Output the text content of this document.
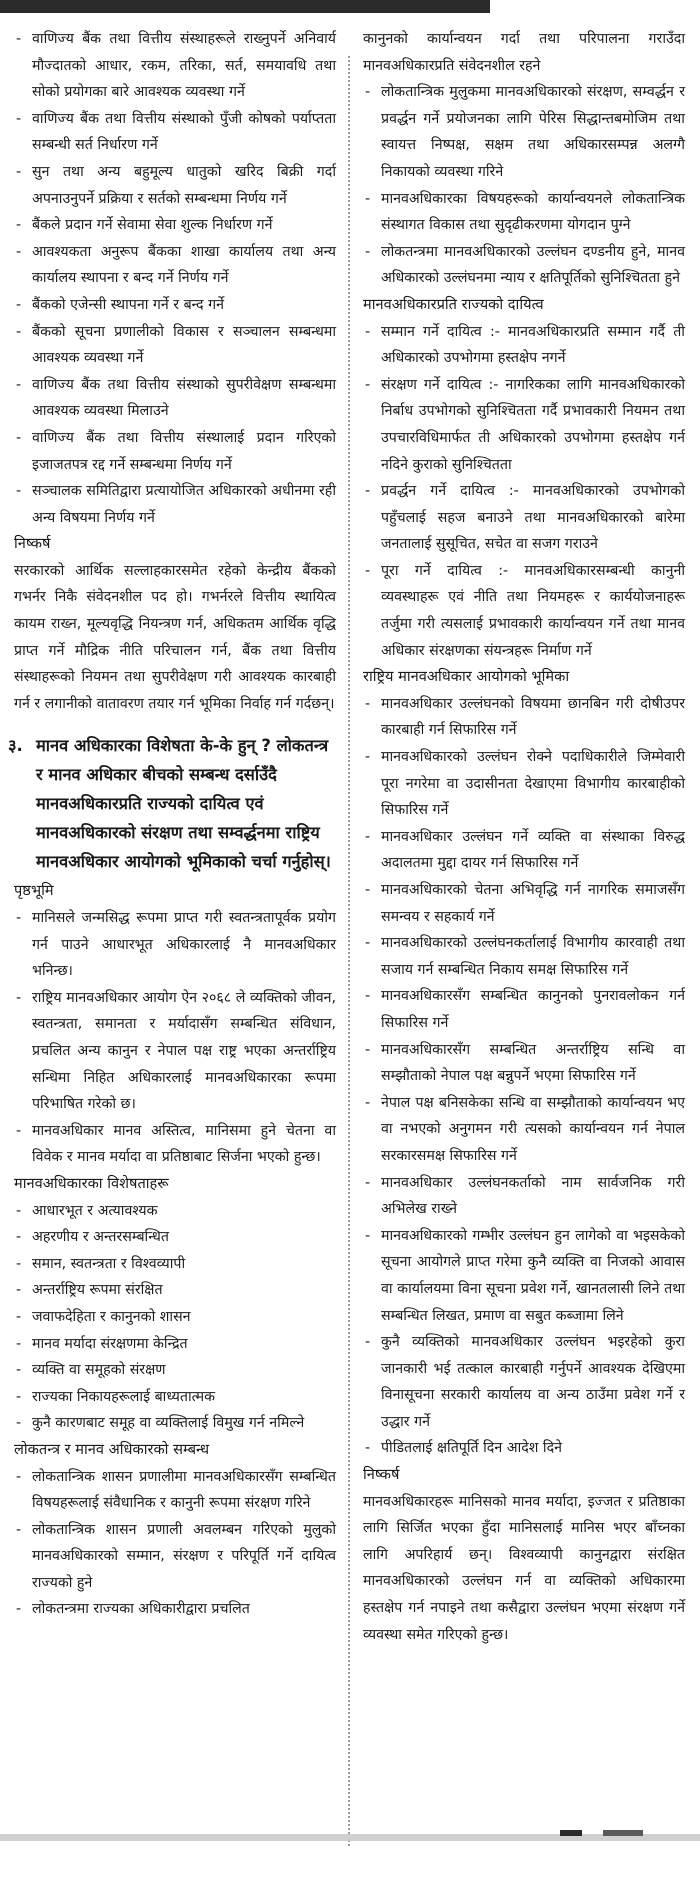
- वाणिज्य बैंक तथा वित्तीय संस्थाहरूले राख्नुपर्ने अनिवार्य मौज्दातको आधार, रकम, तरिका, सर्त, समयावधि तथा सोको प्रयोगका बारे आवश्यक व्यवस्था गर्ने
- वाणिज्य बैंक तथा वित्तीय संस्थाको पुँजी कोषको पर्याप्तता सम्बन्धी सर्त निर्धारण गर्ने
- सुन तथा अन्य बहुमूल्य धातुको खरिद बिक्री गर्दा अपनाउनुपर्ने प्रक्रिया र सर्तको सम्बन्धमा निर्णय गर्ने
- बैंकले प्रदान गर्ने सेवामा सेवा शुल्क निर्धारण गर्ने
- आवश्यकता अनुरूप बैंकका शाखा कार्यालय तथा अन्य कार्यालय स्थापना र बन्द गर्ने निर्णय गर्ने
- बैंकको एजेन्सी स्थापना गर्ने र बन्द गर्ने
- बैंकको सूचना प्रणालीको विकास र सञ्चालन सम्बन्धमा आवश्यक व्यवस्था गर्ने
- वाणिज्य बैंक तथा वित्तीय संस्थाको सुपरीवेक्षण सम्बन्धमा आवश्यक व्यवस्था मिलाउने
- वाणिज्य बैंक तथा वित्तीय संस्थालाई प्रदान गरिएको इजाजतपत्र रद्द गर्ने सम्बन्धमा निर्णय गर्ने
- सञ्चालक समितिद्वारा प्रत्यायोजित अधिकारको अधीनमा रही अन्य विषयमा निर्णय गर्ने
निष्कर्ष
सरकारको आर्थिक सल्लाहकारसमेत रहेको केन्द्रीय बैंकको गभर्नर निकै संवेदनशील पद हो। गभर्नरले वित्तीय स्थायित्व कायम राख्न, मूल्यवृद्धि नियन्त्रण गर्न, अधिकतम आर्थिक वृद्धि प्राप्त गर्ने मौद्रिक नीति परिचालन गर्न, बैंक तथा वित्तीय संस्थाहरूको नियमन तथा सुपरीवेक्षण गरी आवश्यक कारबाही गर्न र लगानीको वातावरण तयार गर्न भूमिका निर्वाह गर्न गर्दछन्।
३. मानव अधिकारका विशेषता के-के हुन् ? लोकतन्त्र र मानव अधिकार बीचको सम्बन्ध दर्साउँदै मानवअधिकारप्रति राज्यको दायित्व एवं मानवअधिकारको संरक्षण तथा सम्वर्द्धनमा राष्ट्रिय मानवअधिकार आयोगको भूमिकाको चर्चा गर्नुहोस्।
पृष्ठभूमि
- मानिसले जन्मसिद्ध रूपमा प्राप्त गरी स्वतन्त्रतापूर्वक प्रयोग गर्न पाउने आधारभूत अधिकारलाई नै मानवअधिकार भनिन्छ।
- राष्ट्रिय मानवअधिकार आयोग ऐन २०६८ ले व्यक्तिको जीवन, स्वतन्त्रता, समानता र मर्यादासँग सम्बन्धित संविधान, प्रचलित अन्य कानुन र नेपाल पक्ष राष्ट्र भएका अन्तर्राष्ट्रिय सन्धिमा निहित अधिकारलाई मानवअधिकारका रूपमा परिभाषित गरेको छ।
- मानवअधिकार मानव अस्तित्व, मानिसमा हुने चेतना वा विवेक र मानव मर्यादा वा प्रतिष्ठाबाट सिर्जना भएको हुन्छ।
मानवअधिकारका विशेषताहरू
- आधारभूत र अत्यावश्यक
- अहरणीय र अन्तरसम्बन्धित
- समान, स्वतन्त्रता र विश्वव्यापी
- अन्तर्राष्ट्रिय रूपमा संरक्षित
- जवाफदेहिता र कानुनको शासन
- मानव मर्यादा संरक्षणमा केन्द्रित
- व्यक्ति वा समूहको संरक्षण
- राज्यका निकायहरूलाई बाध्यतात्मक
- कुनै कारणबाट समूह वा व्यक्तिलाई विमुख गर्न नमिल्ने
लोकतन्त्र र मानव अधिकारको सम्बन्ध
- लोकतान्त्रिक शासन प्रणालीमा मानवअधिकारसँग सम्बन्धित विषयहरूलाई संवैधानिक र कानुनी रूपमा संरक्षण गरिने
- लोकतान्त्रिक शासन प्रणाली अवलम्बन गरिएको मुलुको मानवअधिकारको सम्मान, संरक्षण र परिपूर्ति गर्ने दायित्व राज्यको हुने
- लोकतन्त्रमा राज्यका अधिकारीद्वारा प्रचलित
कानुनको कार्यान्वयन गर्दा तथा परिपालना गराउँदा मानवअधिकारप्रति संवेदनशील रहने
- लोकतान्त्रिक मुलुकमा मानवअधिकारको संरक्षण, सम्वर्द्धन र प्रवर्द्धन गर्ने प्रयोजनका लागि पेरिस सिद्धान्तबमोजिम तथा स्वायत्त निष्पक्ष, सक्षम तथा अधिकारसम्पन्न अलग्गै निकायको व्यवस्था गरिने
- मानवअधिकारका विषयहरूको कार्यान्वयनले लोकतान्त्रिक संस्थागत विकास तथा सुदृढीकरणमा योगदान पुग्ने
- लोकतन्त्रमा मानवअधिकारको उल्लंघन दण्डनीय हुने, मानव अधिकारको उल्लंघनमा न्याय र क्षतिपूर्तिको सुनिश्चितता हुने
मानवअधिकारप्रति राज्यको दायित्व
- सम्मान गर्ने दायित्व :- मानवअधिकारप्रति सम्मान गर्दै ती अधिकारको उपभोगमा हस्तक्षेप नगर्ने
- संरक्षण गर्ने दायित्व :- नागरिकका लागि मानवअधिकारको निर्बाध उपभोगको सुनिश्चितता गर्दै प्रभावकारी नियमन तथा उपचारविधिमार्फत ती अधिकारको उपभोगमा हस्तक्षेप गर्न नदिने कुराको सुनिश्चितता
- प्रवर्द्धन गर्ने दायित्व :- मानवअधिकारको उपभोगको पहुँचलाई सहज बनाउने तथा मानवअधिकारको बारेमा जनतालाई सुसूचित, सचेत वा सजग गराउने
- पूरा गर्ने दायित्व :- मानवअधिकारसम्बन्धी कानुनी व्यवस्थाहरू एवं नीति तथा नियमहरू र कार्ययोजनाहरू तर्जुमा गरी त्यसलाई प्रभावकारी कार्यान्वयन गर्ने तथा मानव अधिकार संरक्षणका संयन्त्रहरू निर्माण गर्ने
राष्ट्रिय मानवअधिकार आयोगको भूमिका
- मानवअधिकार उल्लंघनको विषयमा छानबिन गरी दोषीउपर कारबाही गर्न सिफारिस गर्ने
- मानवअधिकारको उल्लंघन रोक्ने पदाधिकारीले जिम्मेवारी पूरा नगरेमा वा उदासीनता देखाएमा विभागीय कारबाहीको सिफारिस गर्ने
- मानवअधिकार उल्लंघन गर्ने व्यक्ति वा संस्थाका विरुद्ध अदालतमा मुद्दा दायर गर्न सिफारिस गर्ने
- मानवअधिकारको चेतना अभिवृद्धि गर्न नागरिक समाजसँग समन्वय र सहकार्य गर्ने
- मानवअधिकारको उल्लंघनकर्तालाई विभागीय कारवाही तथा सजाय गर्न सम्बन्धित निकाय समक्ष सिफारिस गर्ने
- मानवअधिकारसँग सम्बन्धित कानुनको पुनरावलोकन गर्न सिफारिस गर्ने
- मानवअधिकारसँग सम्बन्धित अन्तर्राष्ट्रिय सन्धि वा सम्झौताको नेपाल पक्ष बन्नुपर्ने भएमा सिफारिस गर्ने
- नेपाल पक्ष बनिसकेका सन्धि वा सम्झौताको कार्यान्वयन भए वा नभएको अनुगमन गरी त्यसको कार्यान्वयन गर्न नेपाल सरकारसमक्ष सिफारिस गर्ने
- मानवअधिकार उल्लंघनकर्ताको नाम सार्वजनिक गरी अभिलेख राख्ने
- मानवअधिकारको गम्भीर उल्लंघन हुन लागेको वा भइसकेको सूचना आयोगले प्राप्त गरेमा कुनै व्यक्ति वा निजको आवास वा कार्यालयमा विना सूचना प्रवेश गर्ने, खानतलासी लिने तथा सम्बन्धित लिखत, प्रमाण वा सबुत कब्जामा लिने
- कुनै व्यक्तिको मानवअधिकार उल्लंघन भइरहेको कुरा जानकारी भई तत्काल कारबाही गर्नुपर्ने आवश्यक देखिएमा विनासूचना सरकारी कार्यालय वा अन्य ठाउँमा प्रवेश गर्ने र उद्धार गर्ने
- पीडितलाई क्षतिपूर्ति दिन आदेश दिने
निष्कर्ष
मानवअधिकारहरू मानिसको मानव मर्यादा, इज्जत र प्रतिष्ठाका लागि सिर्जित भएका हुँदा मानिसलाई मानिस भएर बाँच्नका लागि अपरिहार्य छन्। विश्वव्यापी कानुनद्वारा संरक्षित मानवअधिकारको उल्लंघन गर्न वा व्यक्तिको अधिकारमा हस्तक्षेप गर्न नपाइने तथा कसैद्वारा उल्लंघन भएमा संरक्षण गर्ने व्यवस्था समेत गरिएको हुन्छ।
